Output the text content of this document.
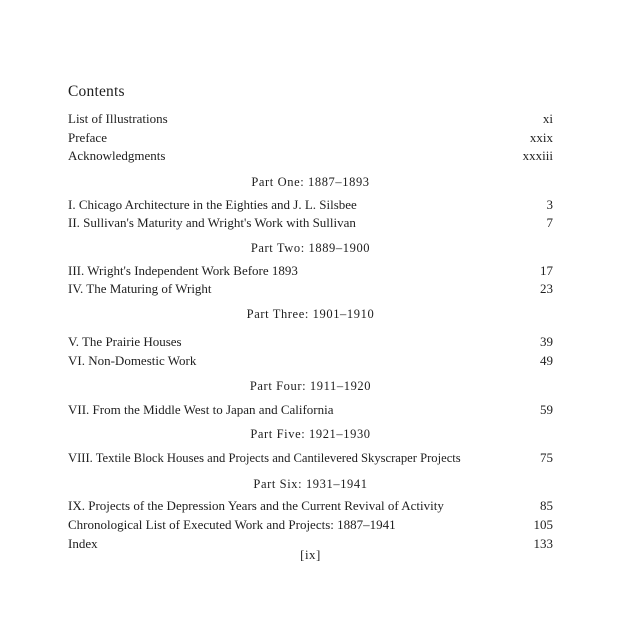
Contents
List of Illustrations	xi
Preface	xxix
Acknowledgments	xxxiii
Part One: 1887–1893
I. Chicago Architecture in the Eighties and J. L. Silsbee	3
II. Sullivan's Maturity and Wright's Work with Sullivan	7
Part Two: 1889–1900
III. Wright's Independent Work Before 1893	17
IV. The Maturing of Wright	23
Part Three: 1901–1910
V. The Prairie Houses	39
VI. Non-Domestic Work	49
Part Four: 1911–1920
VII. From the Middle West to Japan and California	59
Part Five: 1921–1930
VIII. Textile Block Houses and Projects and Cantilevered Skyscraper Projects	75
Part Six: 1931–1941
IX. Projects of the Depression Years and the Current Revival of Activity	85
Chronological List of Executed Work and Projects: 1887–1941	105
Index	133
[ix]
